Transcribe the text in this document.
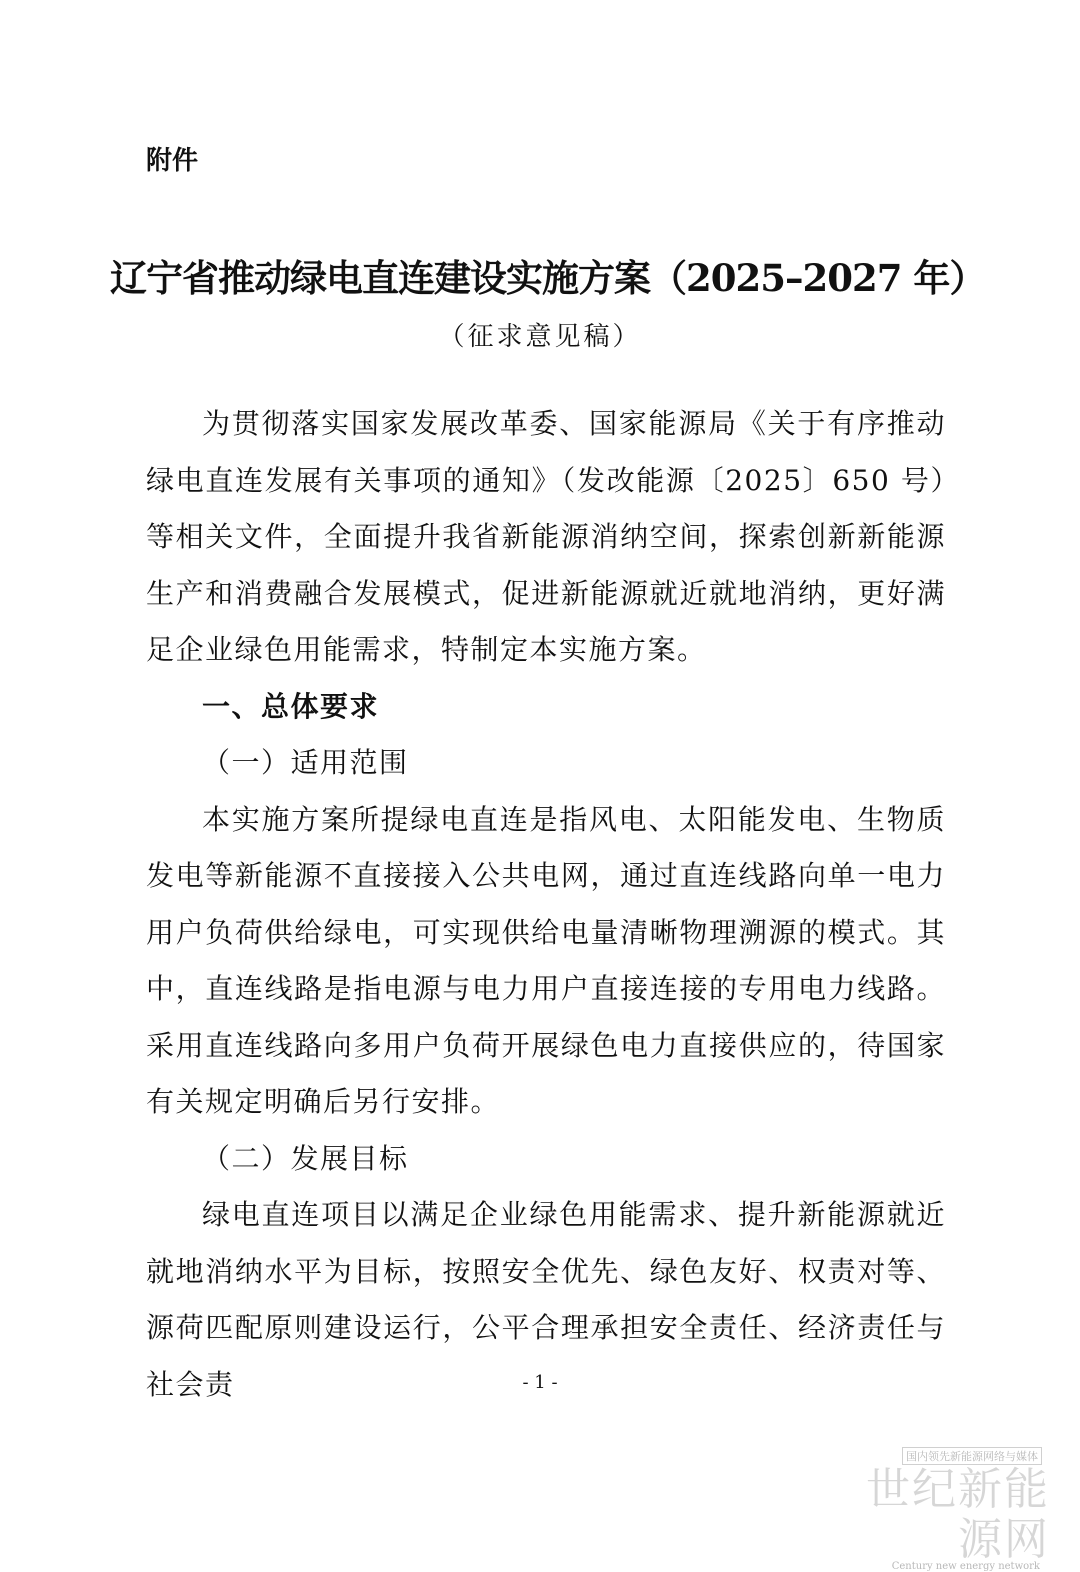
附件
辽宁省推动绿电直连建设实施方案（2025–2027 年）
（征求意见稿）

为贯彻落实国家发展改革委、国家能源局《关于有序推动绿电直连发展有关事项的通知》（发改能源〔2025〕650 号）等相关文件，全面提升我省新能源消纳空间，探索创新新能源生产和消费融合发展模式，促进新能源就近就地消纳，更好满足企业绿色用能需求，特制定本实施方案。

一、总体要求

（一）适用范围

本实施方案所提绿电直连是指风电、太阳能发电、生物质发电等新能源不直接接入公共电网，通过直连线路向单一电力用户负荷供给绿电，可实现供给电量清晰物理溯源的模式。其中，直连线路是指电源与电力用户直接连接的专用电力线路。采用直连线路向多用户负荷开展绿色电力直接供应的，待国家有关规定明确后另行安排。

（二）发展目标

绿电直连项目以满足企业绿色用能需求、提升新能源就近就地消纳水平为目标，按照安全优先、绿色友好、权责对等、源荷匹配原则建设运行，公平合理承担安全责任、经济责任与社会责	- 1 -
国内领先新能源网络与媒体
世纪新能源网
Century new energy network
